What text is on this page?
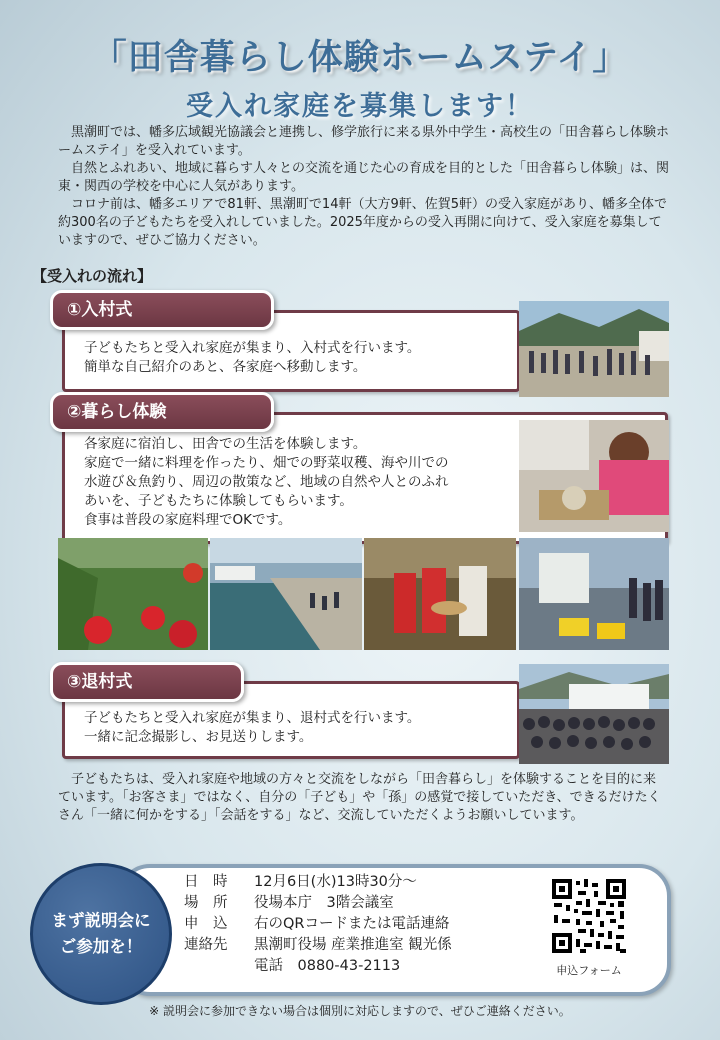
「田舎暮らし体験ホームステイ」
受入れ家庭を募集します！

黒潮町では、幡多広域観光協議会と連携し、修学旅行に来る県外中学生・高校生の「田舎暮らし体験ホームステイ」を受入れています。

自然とふれあい、地域に暮らす人々との交流を通じた心の育成を目的とした「田舎暮らし体験」は、関東・関西の学校を中心に人気があります。

コロナ前は、幡多エリアで81軒、黒潮町で14軒（大方9軒、佐賀5軒）の受入家庭があり、幡多全体で約300名の子どもたちを受入れしていました。2025年度からの受入再開に向けて、受入家庭を募集していますので、ぜひご協力ください。

【受入れの流れ】
子どもたちと受入れ家庭が集まり、入村式を行います。
簡単な自己紹介のあと、各家庭へ移動します。
①入村式
各家庭に宿泊し、田舎での生活を体験します。
家庭で一緒に料理を作ったり、畑での野菜収穫、海や川での
水遊び＆魚釣り、周辺の散策など、地域の自然や人とのふれ
あいを、子どもたちに体験してもらいます。
食事は普段の家庭料理でOKです。
②暮らし体験
子どもたちと受入れ家庭が集まり、退村式を行います。
一緒に記念撮影し、お見送りします。
③退村式

子どもたちは、受入れ家庭や地域の方々と交流をしながら「田舎暮らし」を体験することを目的に来ています。「お客さま」ではなく、自分の「子ども」や「孫」の感覚で接していただき、できるだけたくさん「一緒に何かをする」「会話をする」など、交流していただくようお願いしています。

まず説明会に
ご参加を！
日　時	12月6日(水)13時30分～
場　所	役場本庁　3階会議室
申　込	右のQRコードまたは電話連絡
連絡先	黒潮町役場 産業推進室 観光係
電話　0880-43-2113	申込フォーム
※ 説明会に参加できない場合は個別に対応しますので、ぜひご連絡ください。
